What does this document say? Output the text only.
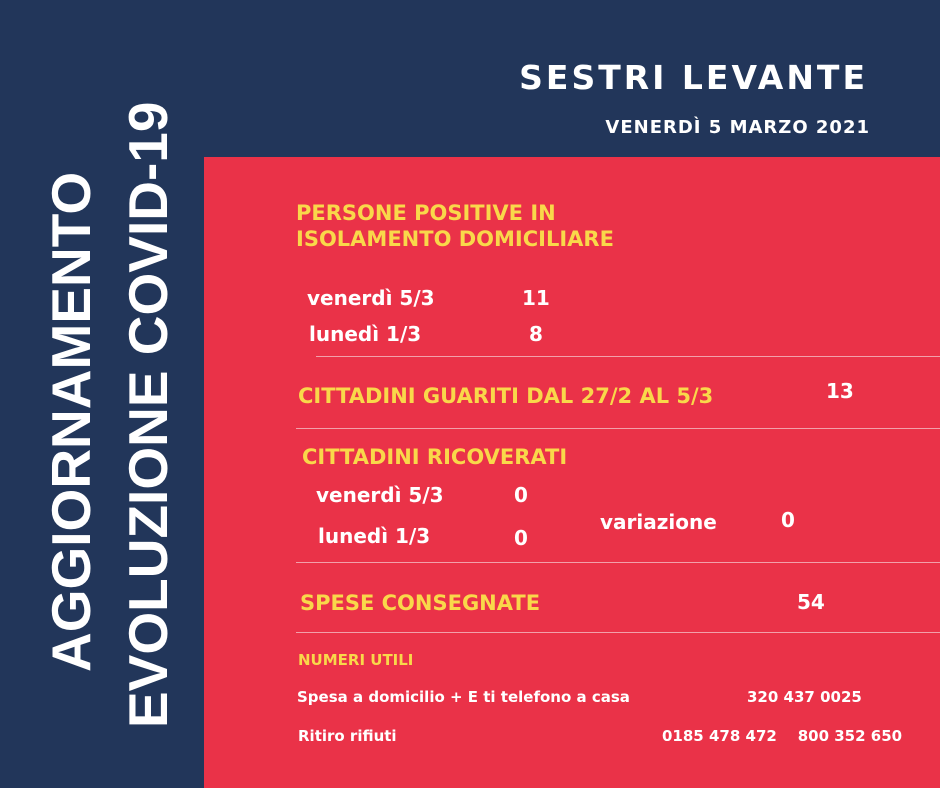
AGGIORNAMENTO EVOLUZIONE COVID-19
SESTRI LEVANTE
VENERDÌ 5 MARZO 2021
PERSONE POSITIVE IN
ISOLAMENTO DOMICILIARE
venerdì 5/3	11
lunedì 1/3	8
CITTADINI GUARITI DAL 27/2 AL 5/3	13
CITTADINI RICOVERATI
venerdì 5/3	0
lunedì 1/3	0
variazione	0
SPESE CONSEGNATE	54
NUMERI UTILI
Spesa a domicilio + E ti telefono a casa	320 437 0025
Ritiro rifiuti	0185 478 472    800 352 650
